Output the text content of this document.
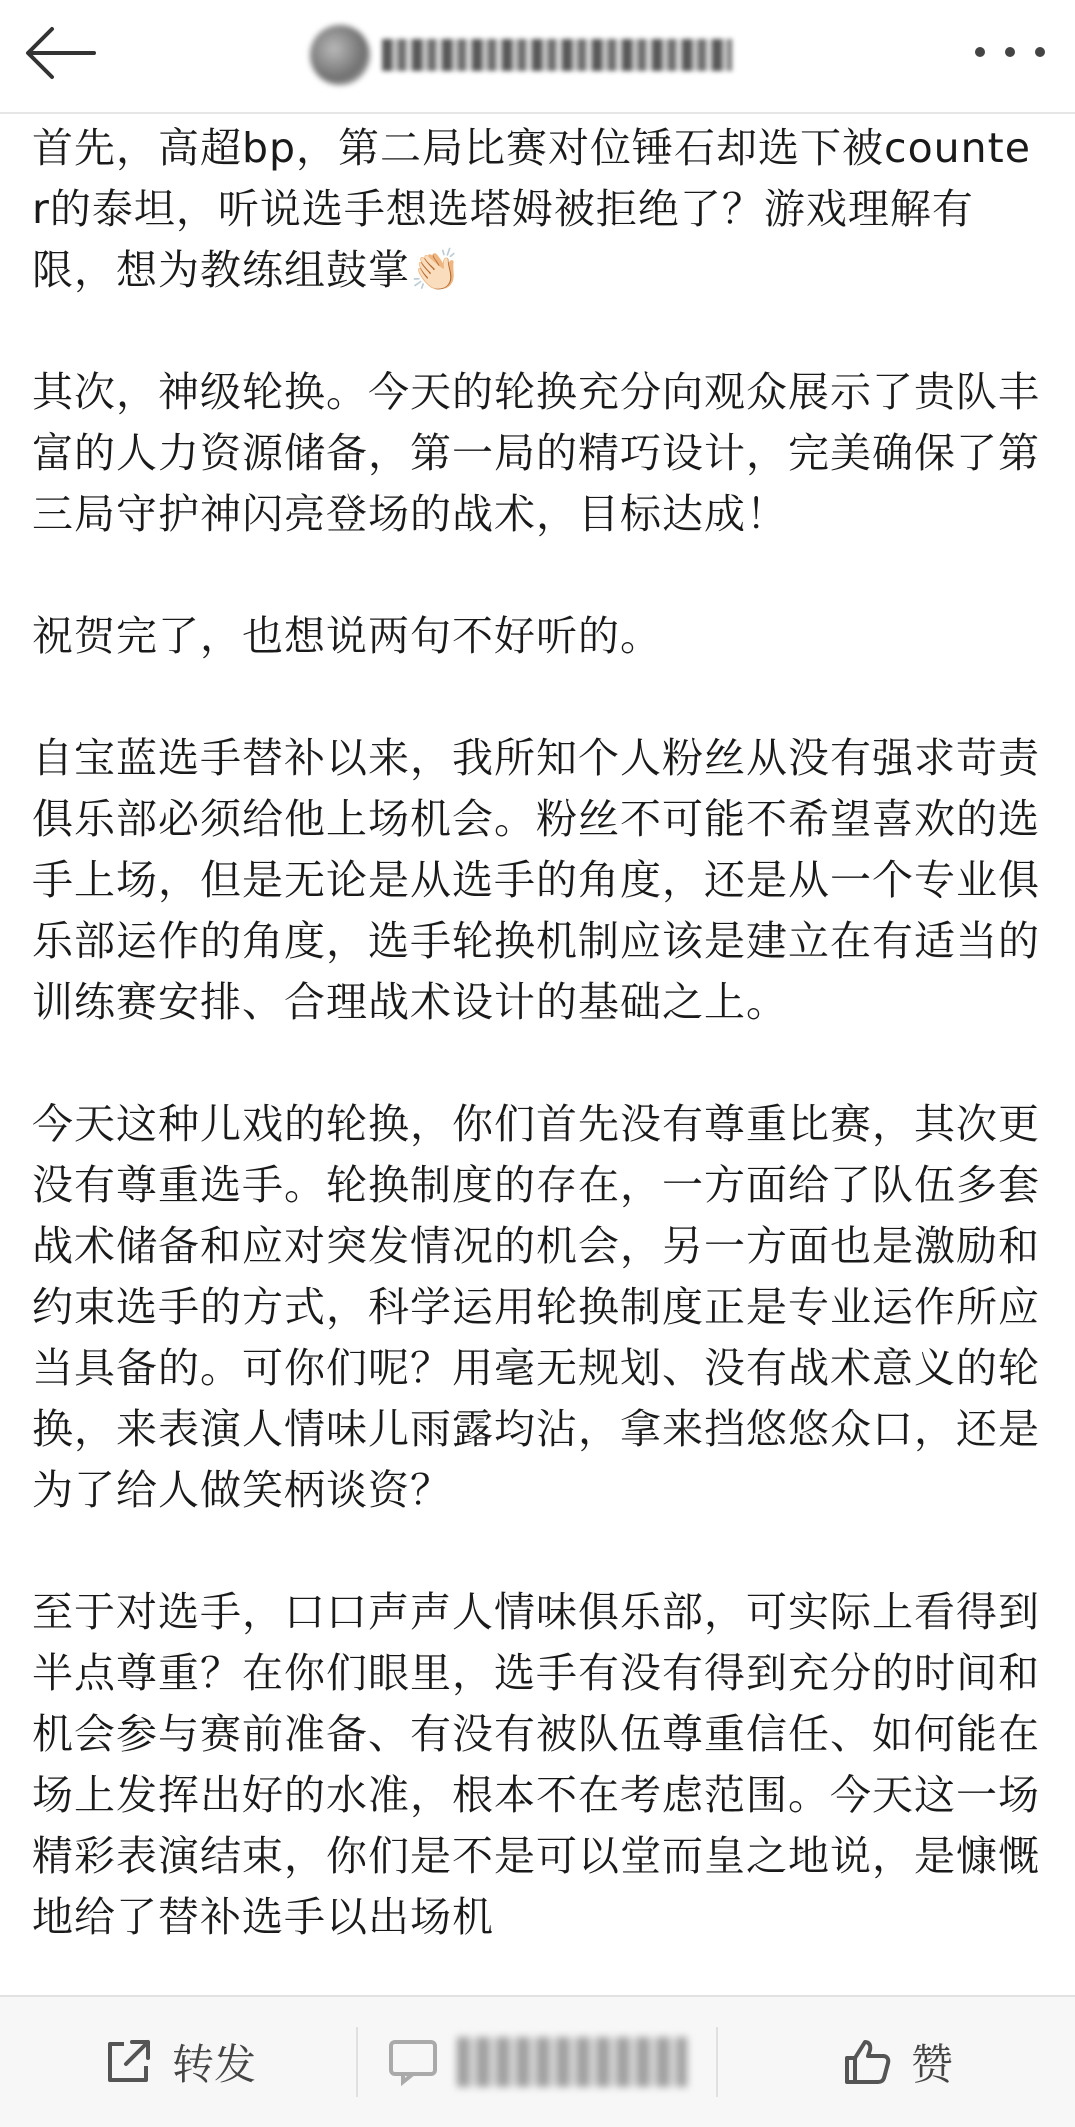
首先，高超bp，第二局比赛对位锤石却选下被counter的泰坦，听说选手想选塔姆被拒绝了？游戏理解有限，想为教练组鼓掌👏🏻

其次，神级轮换。今天的轮换充分向观众展示了贵队丰富的人力资源储备，第一局的精巧设计，完美确保了第三局守护神闪亮登场的战术，目标达成！

祝贺完了，也想说两句不好听的。

自宝蓝选手替补以来，我所知个人粉丝从没有强求苛责俱乐部必须给他上场机会。粉丝不可能不希望喜欢的选手上场，但是无论是从选手的角度，还是从一个专业俱乐部运作的角度，选手轮换机制应该是建立在有适当的训练赛安排、合理战术设计的基础之上。

今天这种儿戏的轮换，你们首先没有尊重比赛，其次更没有尊重选手。轮换制度的存在，一方面给了队伍多套战术储备和应对突发情况的机会，另一方面也是激励和约束选手的方式，科学运用轮换制度正是专业运作所应当具备的。可你们呢？用毫无规划、没有战术意义的轮换，来表演人情味儿雨露均沾，拿来挡悠悠众口，还是为了给人做笑柄谈资？

至于对选手，口口声声人情味俱乐部，可实际上看得到半点尊重？在你们眼里，选手有没有得到充分的时间和机会参与赛前准备、有没有被队伍尊重信任、如何能在场上发挥出好的水准，根本不在考虑范围。今天这一场精彩表演结束，你们是不是可以堂而皇之地说，是慷慨地给了替补选手以出场机

转发	赞
